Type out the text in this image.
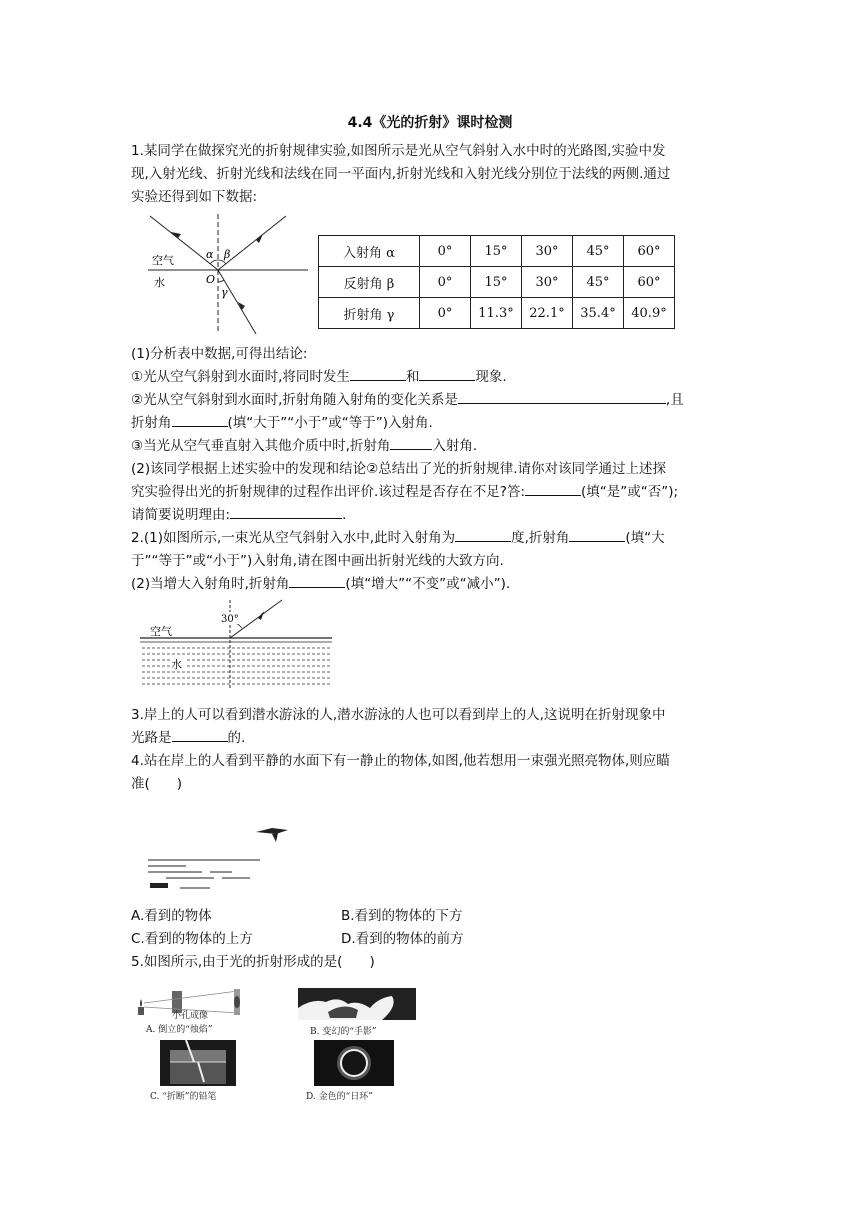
4.4《光的折射》课时检测
1.某同学在做探究光的折射规律实验,如图所示是光从空气斜射入水中时的光路图,实验中发
现,入射光线、折射光线和法线在同一平面内,折射光线和入射光线分别位于法线的两侧.通过
实验还得到如下数据:
空气
水
α β
O
γ
入射角 α	0°	15°	30°	45°	60°
反射角 β	0°	15°	30°	45°	60°
折射角 γ	0°	11.3°	22.1°	35.4°	40.9°
(1)分析表中数据,可得出结论:
①光从空气斜射到水面时,将同时发生	和	现象.
②光从空气斜射到水面时,折射角随入射角的变化关系是	,且
折射角	(填“大于”“小于”或“等于”)入射角.
③当光从空气垂直射入其他介质中时,折射角	入射角.
(2)该同学根据上述实验中的发现和结论②总结出了光的折射规律.请你对该同学通过上述探
究实验得出光的折射规律的过程作出评价.该过程是否存在不足?答:	(填“是”或“否”);
请简要说明理由:	.
2.(1)如图所示,一束光从空气斜射入水中,此时入射角为	度,折射角	(填“大
于”“等于”或“小于”)入射角,请在图中画出折射光线的大致方向.
(2)当增大入射角时,折射角	(填“增大”“不变”或“减小”).
30°
空气
水
3.岸上的人可以看到潜水游泳的人,潜水游泳的人也可以看到岸上的人,这说明在折射现象中
光路是	的.
4.站在岸上的人看到平静的水面下有一静止的物体,如图,他若想用一束强光照亮物体,则应瞄
准(　　)
A.看到的物体	B.看到的物体的下方
C.看到的物体的上方	D.看到的物体的前方
5.如图所示,由于光的折射形成的是(　　)
小孔成像
A. 倒立的“烛焰”	B. 变幻的“手影”
C. “折断”的铅笔	D. 金色的“日环”
